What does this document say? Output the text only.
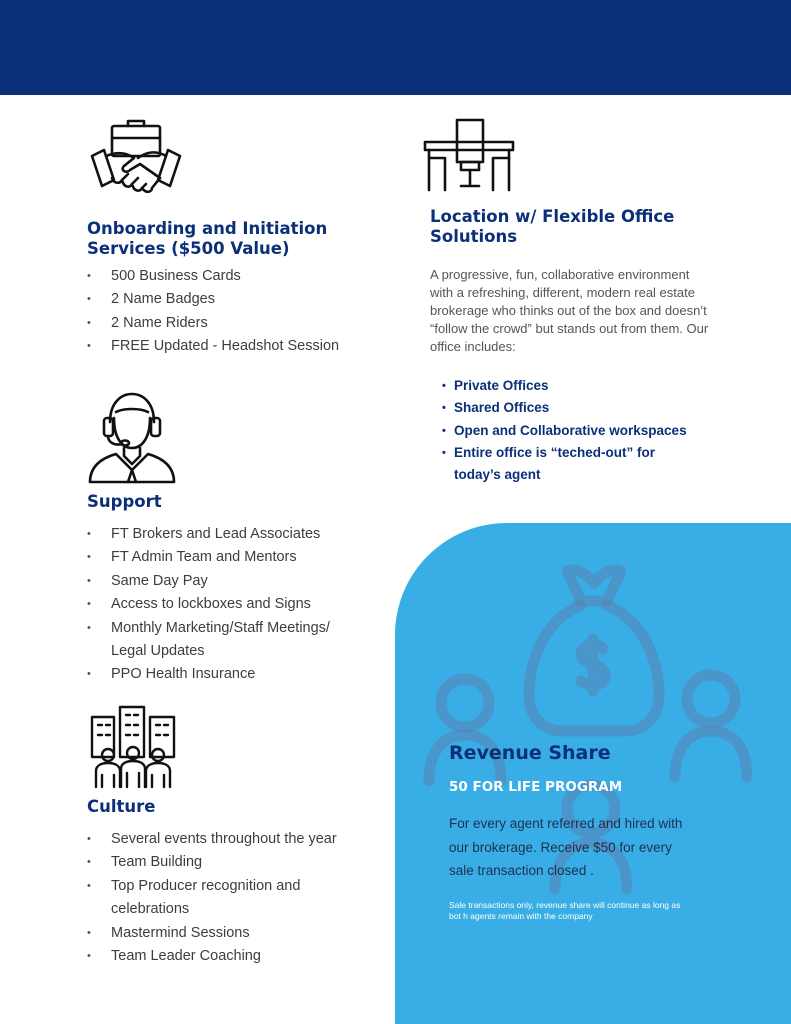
Onboarding and Initiation Services ($500 Value)
• 500 Business Cards
• 2 Name Badges
• 2 Name Riders
• FREE Updated - Headshot Session
Support
• FT Brokers and Lead Associates
• FT Admin Team and Mentors
• Same Day Pay
• Access to lockboxes and Signs
• Monthly Marketing/Staff Meetings/ Legal Updates
• PPO Health Insurance
Culture
• Several events throughout the year
• Team Building
• Top Producer recognition and celebrations
• Mastermind Sessions
• Team Leader Coaching
Location w/ Flexible Office Solutions

A progressive, fun, collaborative environment with a refreshing, different, modern real estate brokerage who thinks out of the box and doesn’t “follow the crowd” but stands out from them. Our office includes:

• Private Offices
• Shared Offices
• Open and Collaborative workspaces
• Entire office is “teched-out” for today’s agent
Revenue Share
50 FOR LIFE PROGRAM

For every agent referred and hired with
our brokerage. Receive $50 for every
sale transaction closed .

Sale transactions only, revenue share will continue as long as
bot h agents remain with the company
